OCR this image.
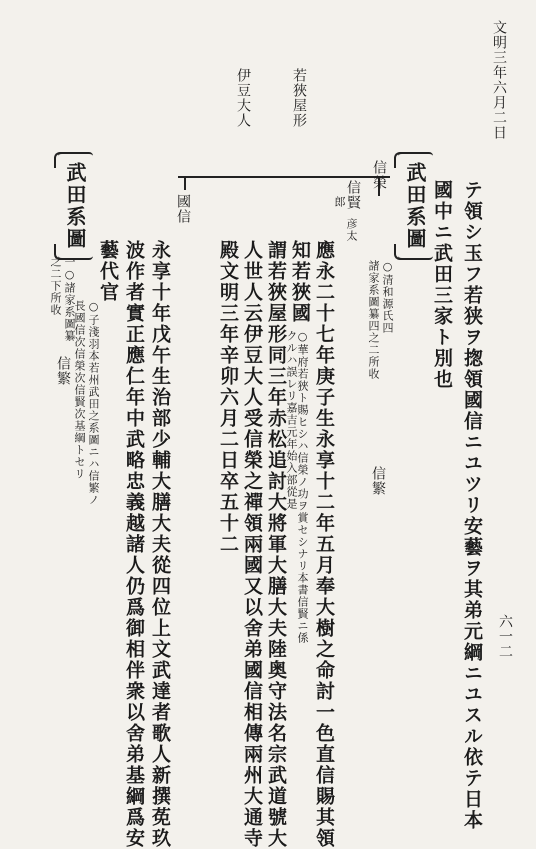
六一二
文明三年六月二日
テ領シ玉フ若狭ヲ揔領國信ニユツリ安藝ヲ其弟元綱ニユスル依テ日本
國中ニ武田三家ト別也
武田系圖
○清和源氏四
諸家系圖纂四之二所收
信繁
若狹屋形
伊豆大人
信榮
信賢
郎
彦太
國信
應永二十七年庚子生永享十二年五月奉大樹之命討一色直信賜其領
知若狹國
○華府若狹ト賜ヒシハ信榮ノ功ヲ賞セシナリ本書信賢ニ係クルハ誤レリ嘉吉元年始入部從是
謂若狹屋形同三年赤松追討大將軍大膳大夫陸奥守法名宗武道號大
人世人云伊豆大人受信榮之禪領兩國又以舍弟國信相傳兩州大通寺
殿文明三年辛卯六月二日卒五十二
永享十年戊午生治部少輔大膳大夫從四位上文武達者歌人新撰莬玖
波作者實正應仁年中武略忠義越諸人仍爲御相伴衆以舍弟基綱爲安
藝代官
武田系圖
○子淺羽本若州武田之系圖ニハ信繁ノ
長國信次信榮次信賢次基綱トセリ
一○諸家系圖纂
之二下所收
信繁
